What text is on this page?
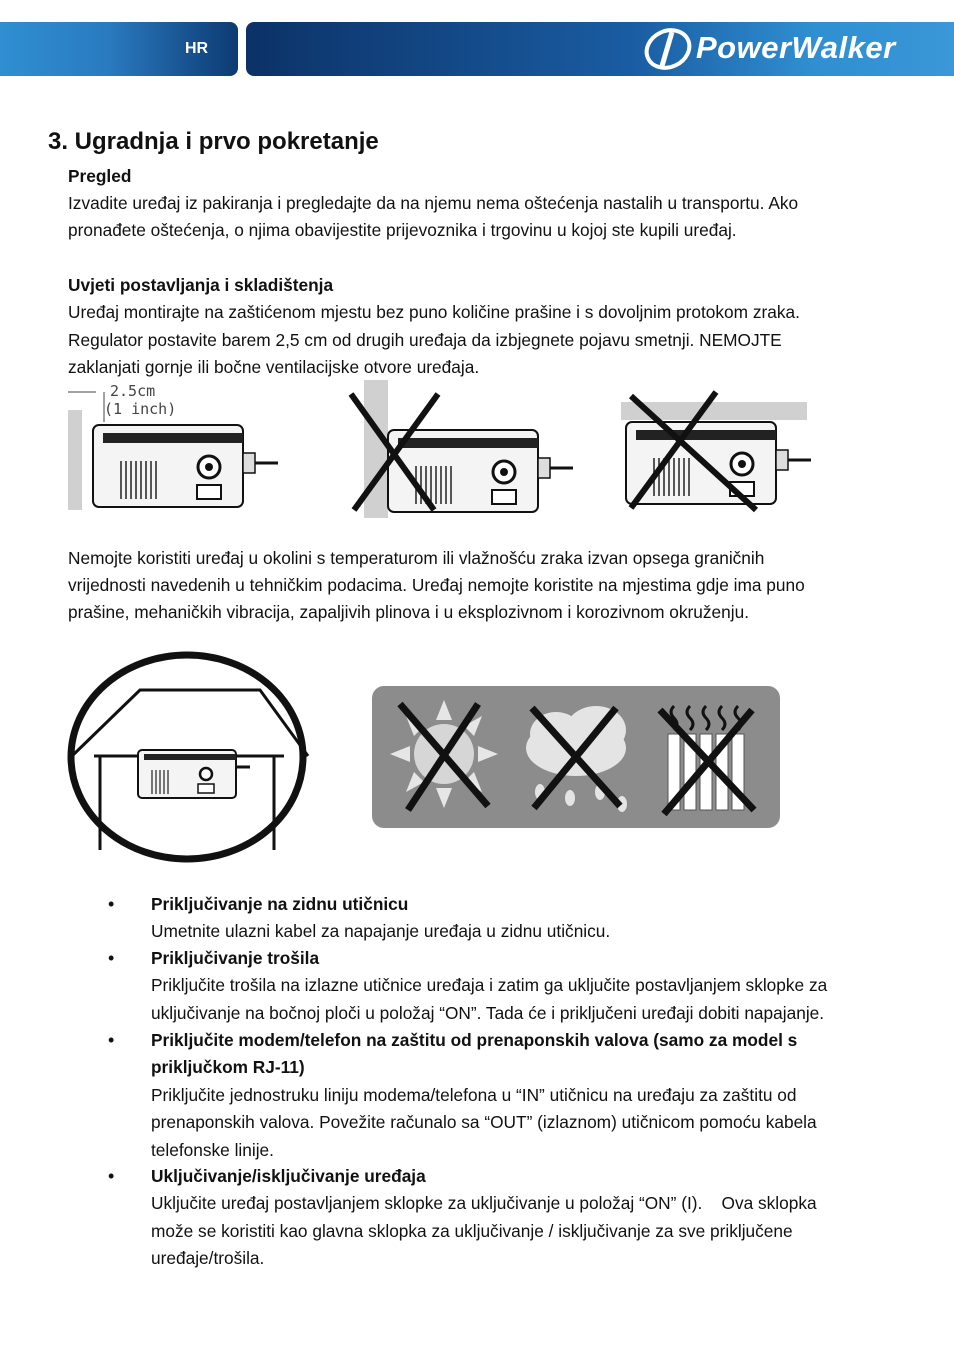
HR	PowerWalker
3. Ugradnja i prvo pokretanje
Pregled
Izvadite uređaj iz pakiranja i pregledajte da na njemu nema oštećenja nastalih u transportu. Ako
pronađete oštećenja, o njima obavijestite prijevoznika i trgovinu u kojoj ste kupili uređaj.
Uvjeti postavljanja i skladištenja
Uređaj montirajte na zaštićenom mjestu bez puno količine prašine i s dovoljnim protokom zraka.
Regulator postavite barem 2,5 cm od drugih uređaja da izbjegnete pojavu smetnji. NEMOJTE
zaklanjati gornje ili bočne ventilacijske otvore uređaja.
2.5cm
(1 inch)
Nemojte koristiti uređaj u okolini s temperaturom ili vlažnošću zraka izvan opsega graničnih
vrijednosti navedenih u tehničkim podacima. Uređaj nemojte koristite na mjestima gdje ima puno
prašine, mehaničkih vibracija, zapaljivih plinova i u eksplozivnom i korozivnom okruženju.
• Priključivanje na zidnu utičnicu
Umetnite ulazni kabel za napajanje uređaja u zidnu utičnicu.
• Priključivanje trošila
Priključite trošila na izlazne utičnice uređaja i zatim ga uključite postavljanjem sklopke za
uključivanje na bočnoj ploči u položaj “ON”. Tada će i priključeni uređaji dobiti napajanje.
• Priključite modem/telefon na zaštitu od prenaponskih valova (samo za model s
priključkom RJ-11)
Priključite jednostruku liniju modema/telefona u “IN” utičnicu na uređaju za zaštitu od
prenaponskih valova. Povežite računalo sa “OUT” (izlaznom) utičnicom pomoću kabela
telefonske linije.
• Uključivanje/isključivanje uređaja
Uključite uređaj postavljanjem sklopke za uključivanje u položaj “ON” (I).    Ova sklopka
može se koristiti kao glavna sklopka za uključivanje / isključivanje za sve priključene
uređaje/trošila.
